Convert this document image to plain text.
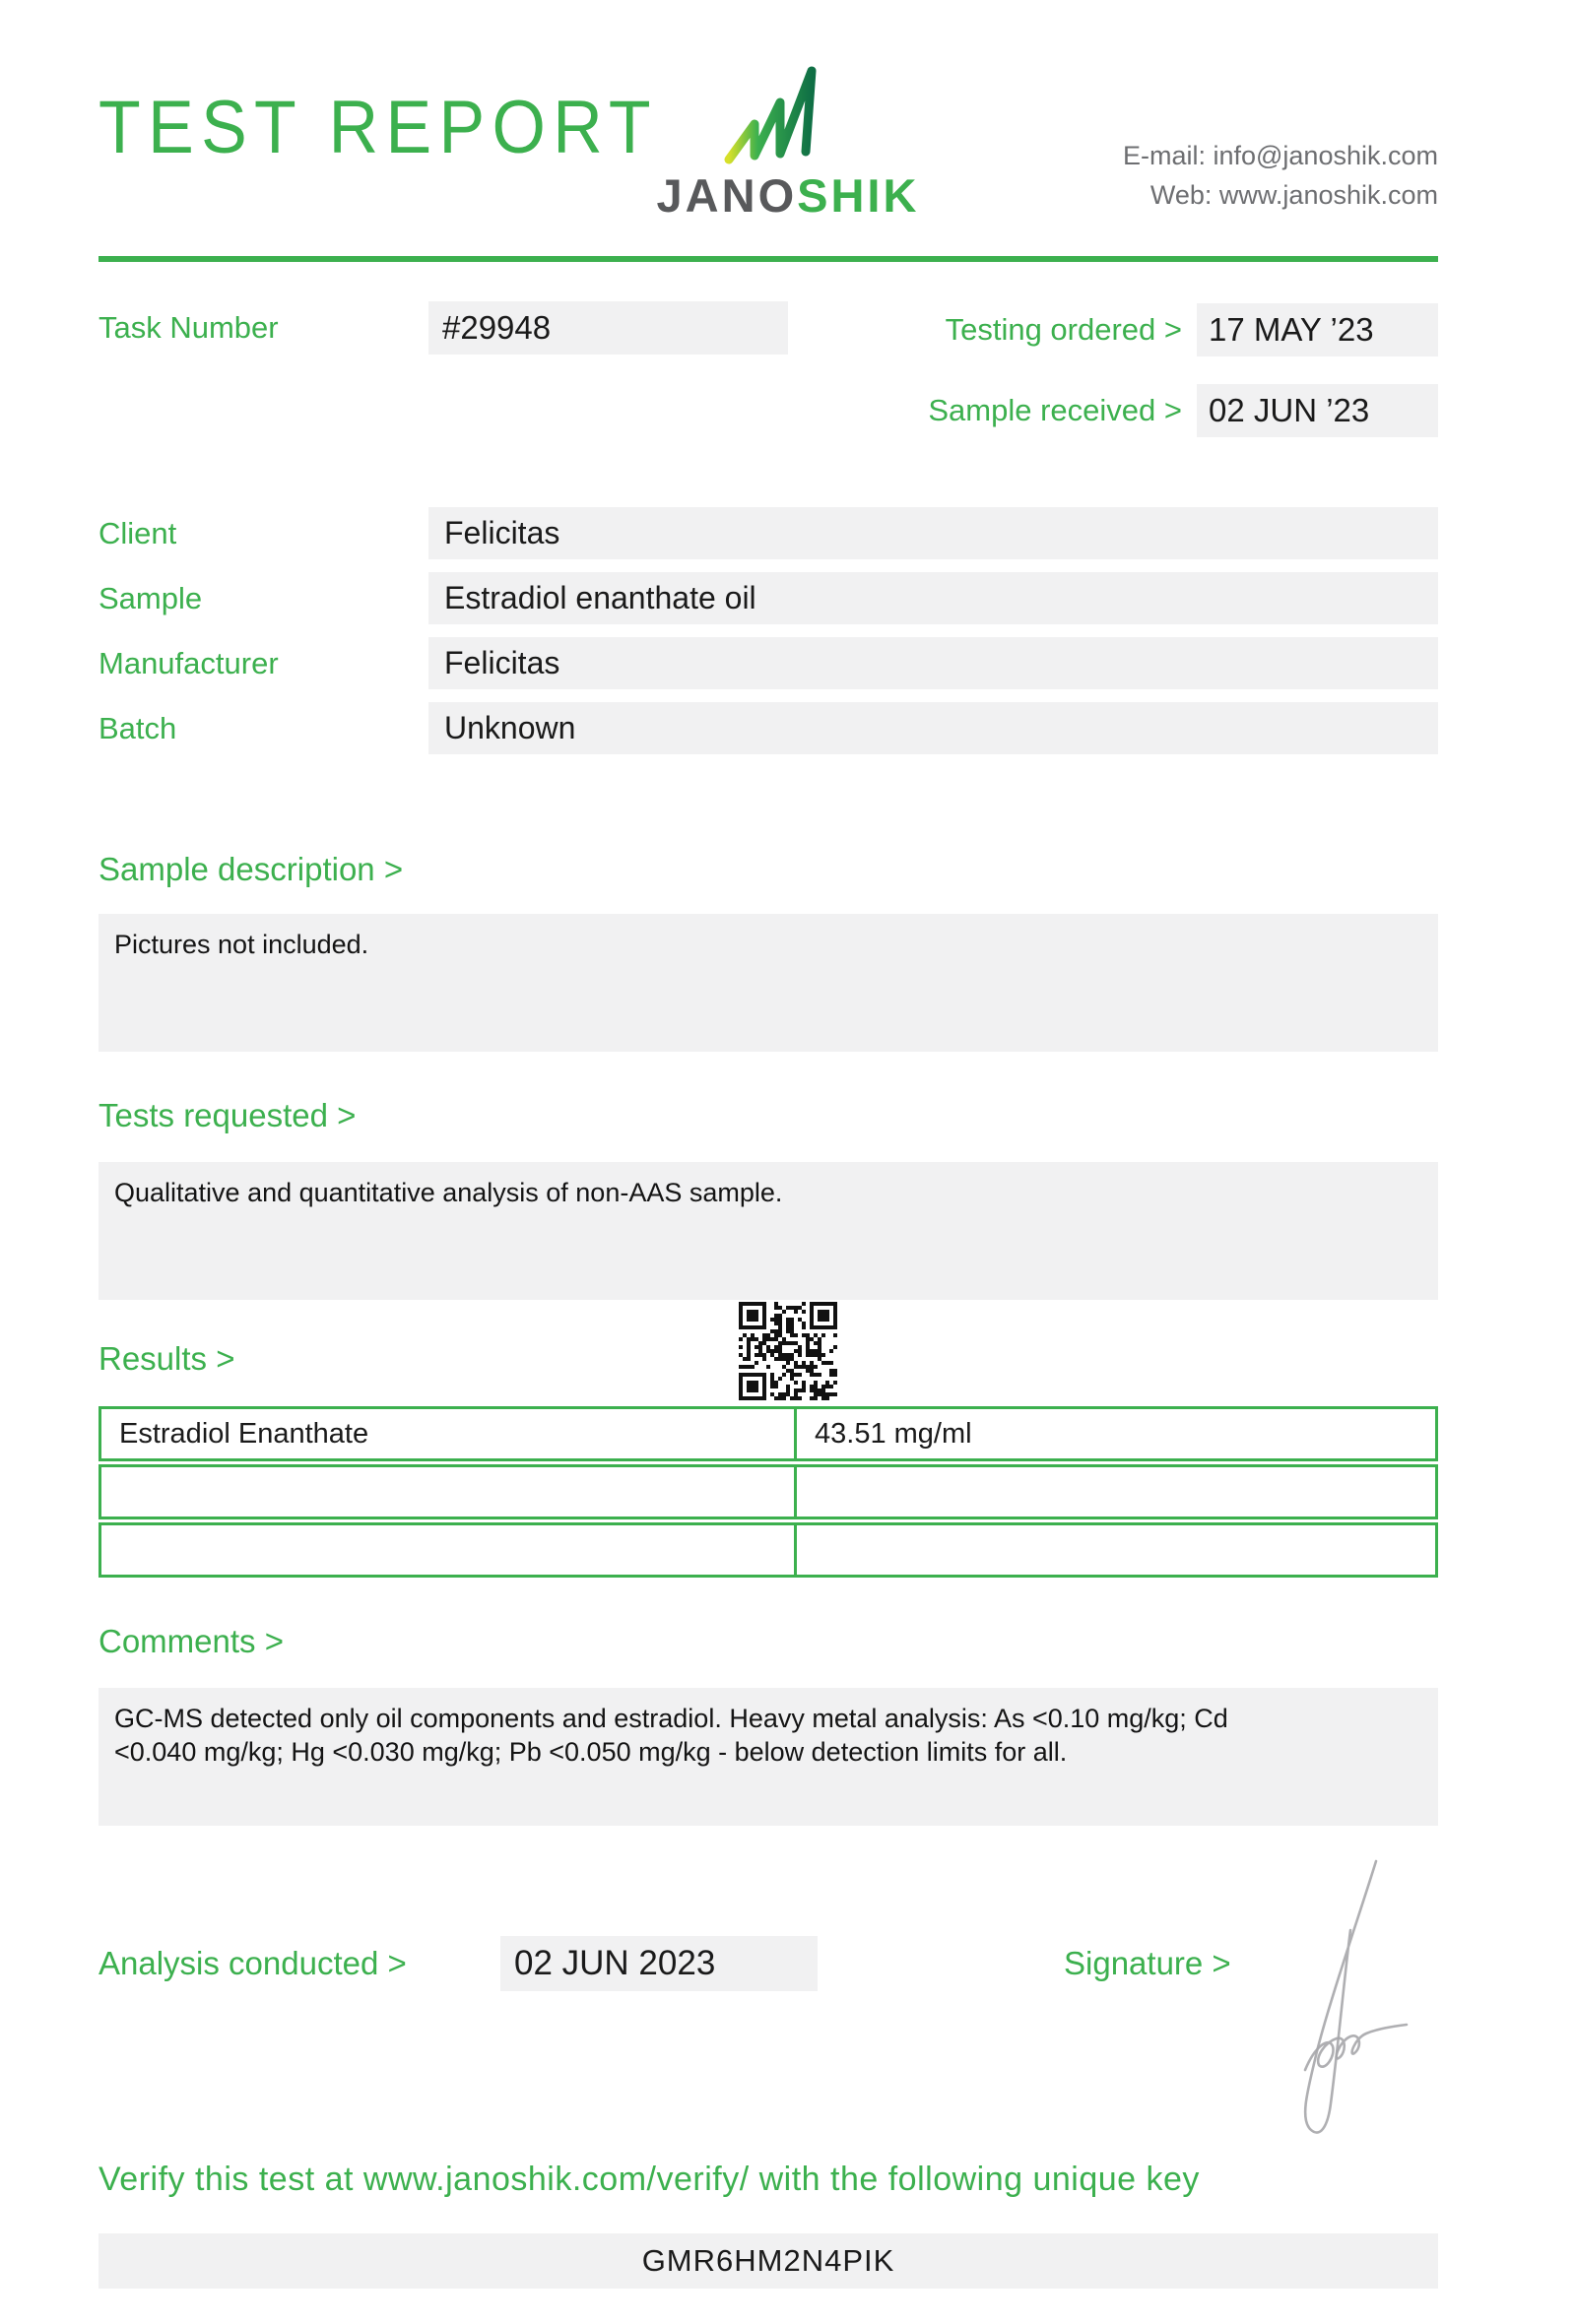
TEST REPORT
JANOSHIK
E-mail: info@janoshik.com
Web: www.janoshik.com
Task Number	#29948	Testing ordered > 17 MAY ’23
Sample received > 02 JUN ’23
Client	Felicitas
Sample	Estradiol enanthate oil
Manufacturer	Felicitas
Batch	Unknown
Sample description >
Pictures not included.
Tests requested >
Qualitative and quantitative analysis of non-AAS sample.
Results >
Estradiol Enanthate	43.51 mg/ml
Comments >
GC-MS detected only oil components and estradiol. Heavy metal analysis: As <0.10 mg/kg; Cd <0.040 mg/kg; Hg <0.030 mg/kg; Pb <0.050 mg/kg - below detection limits for all.
Analysis conducted >	02 JUN 2023	Signature >
Verify this test at www.janoshik.com/verify/ with the following unique key
GMR6HM2N4PIK
